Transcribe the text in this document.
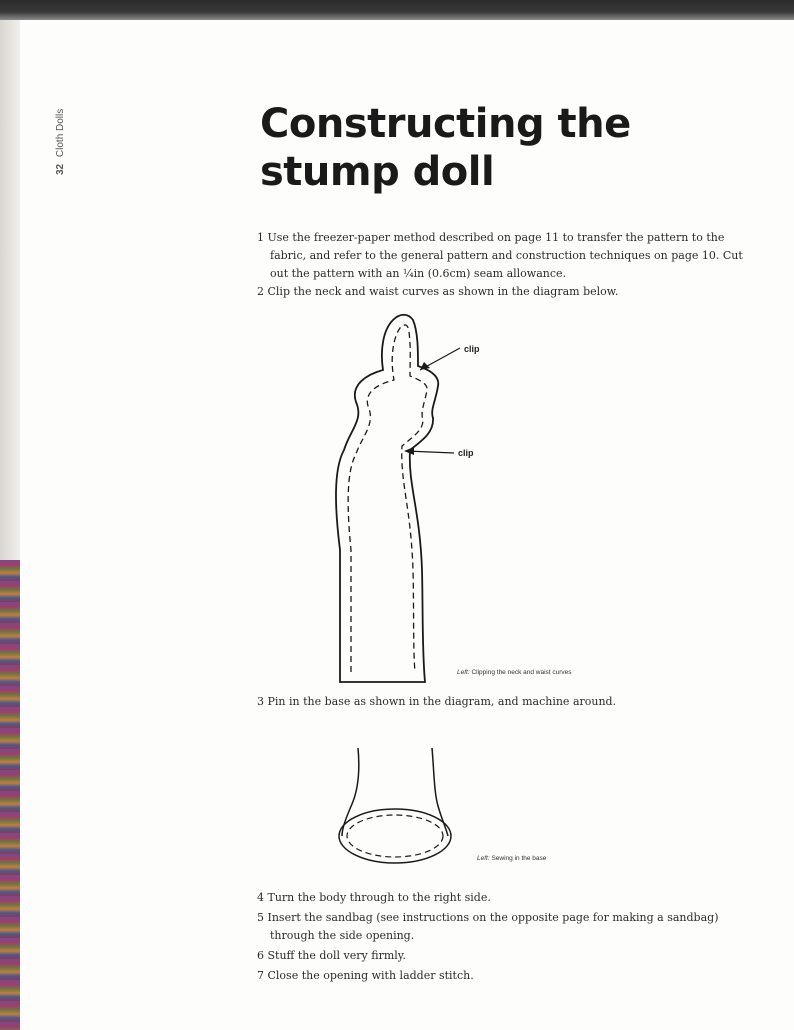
32 Cloth Dolls	Constructing the
stump doll

1 Use the freezer-paper method described on page 11 to transfer the pattern to the fabric, and refer to the general pattern and construction techniques on page 10. Cut out the pattern with an ¼in (0.6cm) seam allowance.

2 Clip the neck and waist curves as shown in the diagram below.

clip
clip
Left: Clipping the neck and waist curves

3 Pin in the base as shown in the diagram, and machine around.

Left: Sewing in the base

4 Turn the body through to the right side.

5 Insert the sandbag (see instructions on the opposite page for making a sandbag) through the side opening.

6 Stuff the doll very firmly.

7 Close the opening with ladder stitch.
